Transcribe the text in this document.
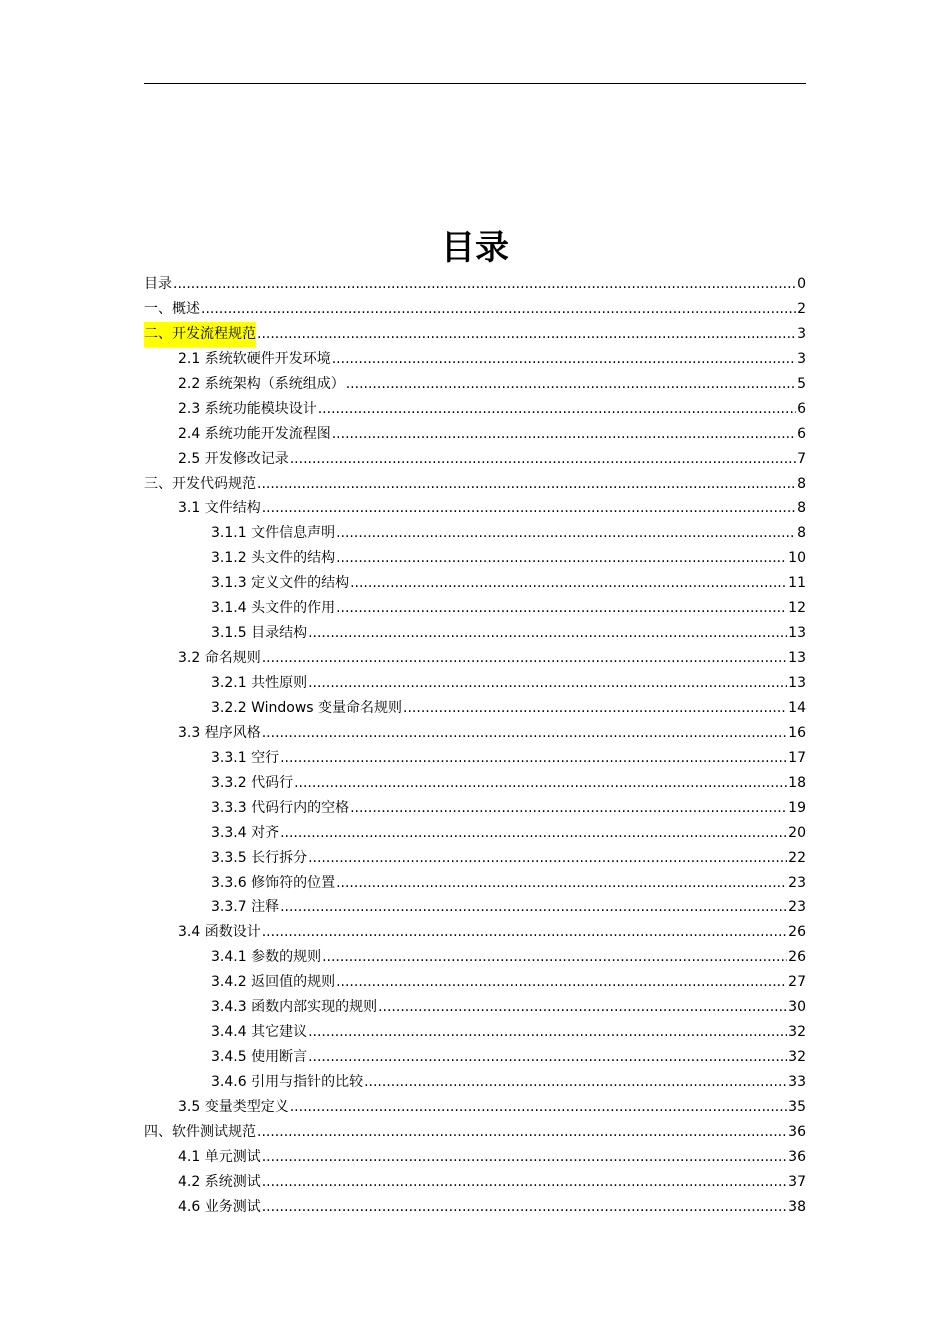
目录
目录 .....	0
一、概述 .....	2
二、开发流程规范 .....	3
2.1 系统软硬件开发环境 .....	3
2.2 系统架构（系统组成） .....	5
2.3 系统功能模块设计 .....	6
2.4 系统功能开发流程图 .....	6
2.5 开发修改记录 .....	7
三、开发代码规范 .....	8
3.1 文件结构 .....	8
3.1.1 文件信息声明 .....	8
3.1.2 头文件的结构 .....	10
3.1.3 定义文件的结构 .....	11
3.1.4 头文件的作用 .....	12
3.1.5 目录结构 .....	13
3.2 命名规则 .....	13
3.2.1 共性原则 .....	13
3.2.2 Windows 变量命名规则 .....	14
3.3 程序风格 .....	16
3.3.1 空行 .....	17
3.3.2 代码行 .....	18
3.3.3 代码行内的空格 .....	19
3.3.4 对齐 .....	20
3.3.5 长行拆分 .....	22
3.3.6 修饰符的位置 .....	23
3.3.7 注释 .....	23
3.4 函数设计 .....	26
3.4.1 参数的规则 .....	26
3.4.2 返回值的规则 .....	27
3.4.3 函数内部实现的规则 .....	30
3.4.4 其它建议 .....	32
3.4.5 使用断言 .....	32
3.4.6 引用与指针的比较 .....	33
3.5 变量类型定义 .....	35
四、软件测试规范 .....	36
4.1 单元测试 .....	36
4.2 系统测试 .....	37
4.6 业务测试 .....	38
